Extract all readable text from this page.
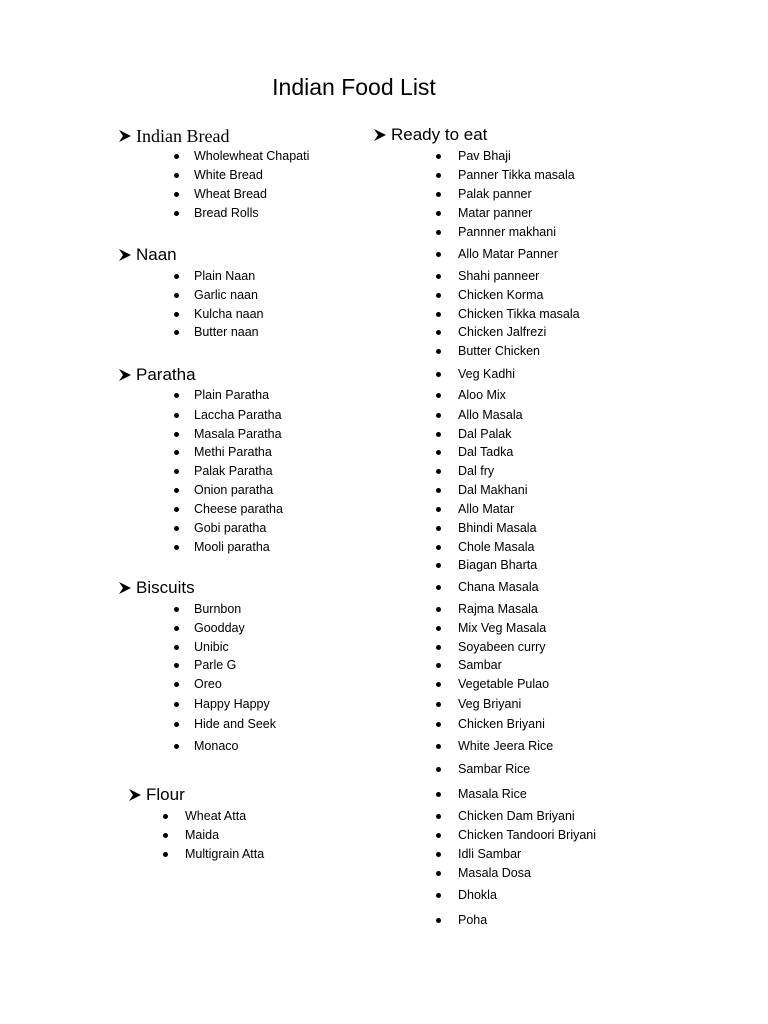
Indian Food List
Indian Bread
Wholewheat Chapati
White Bread
Wheat Bread
Bread Rolls
Naan
Plain Naan
Garlic naan
Kulcha naan
Butter naan
Paratha
Plain Paratha
Laccha Paratha
Masala Paratha
Methi Paratha
Palak Paratha
Onion paratha
Cheese paratha
Gobi paratha
Mooli paratha
Biscuits
Burnbon
Goodday
Unibic
Parle G
Oreo
Happy Happy
Hide and Seek
Monaco
Flour
Wheat Atta
Maida
Multigrain Atta
Ready to eat
Pav Bhaji
Panner Tikka masala
Palak panner
Matar panner
Pannner makhani
Allo Matar Panner
Shahi panneer
Chicken Korma
Chicken Tikka masala
Chicken Jalfrezi
Butter Chicken
Veg Kadhi
Aloo Mix
Allo Masala
Dal Palak
Dal Tadka
Dal fry
Dal Makhani
Allo Matar
Bhindi Masala
Chole Masala
Biagan Bharta
Chana Masala
Rajma Masala
Mix Veg Masala
Soyabeen curry
Sambar
Vegetable Pulao
Veg Briyani
Chicken Briyani
White Jeera Rice
Sambar Rice
Masala Rice
Chicken Dam Briyani
Chicken Tandoori Briyani
Idli Sambar
Masala Dosa
Dhokla
Poha
